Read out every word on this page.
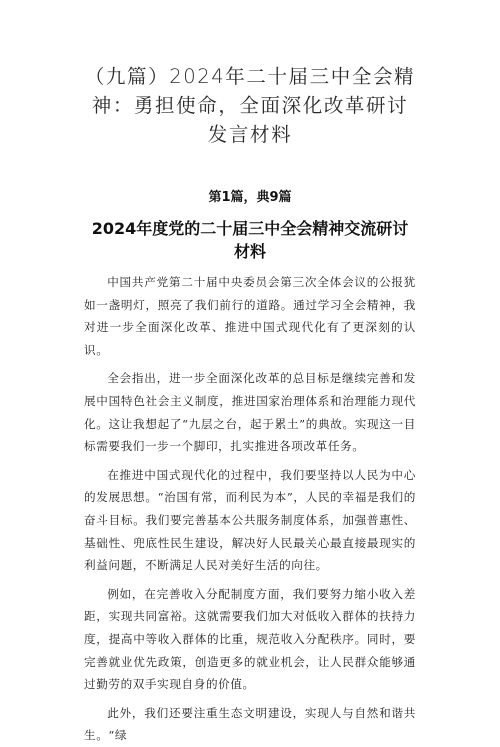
（九篇）2024年二十届三中全会精神：勇担使命，全面深化改革研讨发言材料
第1篇，典9篇
2024年度党的二十届三中全会精神交流研讨材料

中国共产党第二十届中央委员会第三次全体会议的公报犹如一盏明灯，照亮了我们前行的道路。通过学习全会精神，我对进一步全面深化改革、推进中国式现代化有了更深刻的认识。

全会指出，进一步全面深化改革的总目标是继续完善和发展中国特色社会主义制度，推进国家治理体系和治理能力现代化。这让我想起了“九层之台，起于累土”的典故。实现这一目标需要我们一步一个脚印，扎实推进各项改革任务。

在推进中国式现代化的过程中，我们要坚持以人民为中心的发展思想。“治国有常，而利民为本”，人民的幸福是我们的奋斗目标。我们要完善基本公共服务制度体系，加强普惠性、基础性、兜底性民生建设，解决好人民最关心最直接最现实的利益问题，不断满足人民对美好生活的向往。

例如，在完善收入分配制度方面，我们要努力缩小收入差距，实现共同富裕。这就需要我们加大对低收入群体的扶持力度，提高中等收入群体的比重，规范收入分配秩序。同时，要完善就业优先政策，创造更多的就业机会，让人民群众能够通过勤劳的双手实现自身的价值。

此外，我们还要注重生态文明建设，实现人与自然和谐共生。“绿
